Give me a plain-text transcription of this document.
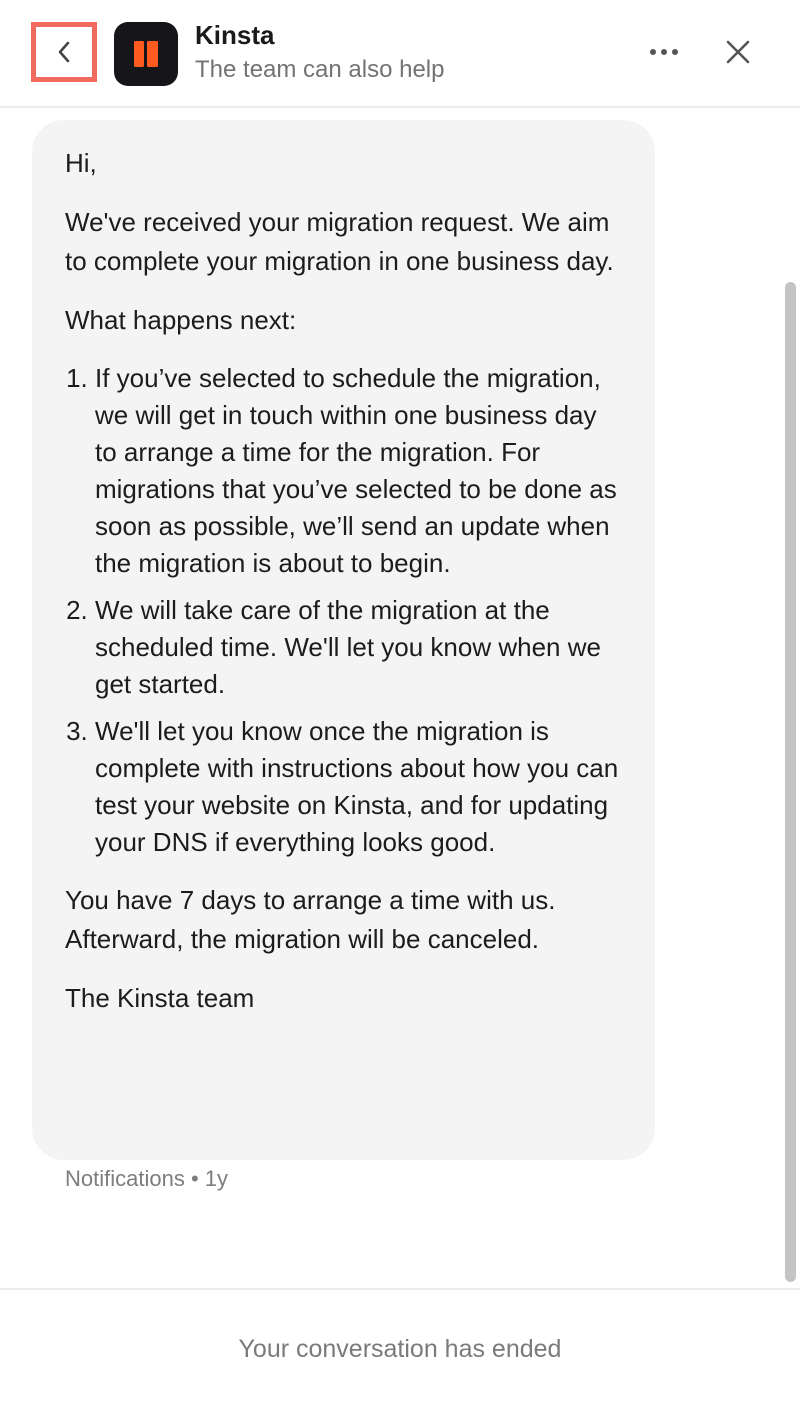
Kinsta
The team can also help

Hi,

We've received your migration request. We aim to complete your migration in one business day.

What happens next:

1. If you’ve selected to schedule the migration, we will get in touch within one business day to arrange a time for the migration. For migrations that you’ve selected to be done as soon as possible, we’ll send an update when the migration is about to begin.
2. We will take care of the migration at the scheduled time. We'll let you know when we get started.
3. We'll let you know once the migration is complete with instructions about how you can test your website on Kinsta, and for updating your DNS if everything looks good.

You have 7 days to arrange a time with us. Afterward, the migration will be canceled.

The Kinsta team

Notifications • 1y
Your conversation has ended
